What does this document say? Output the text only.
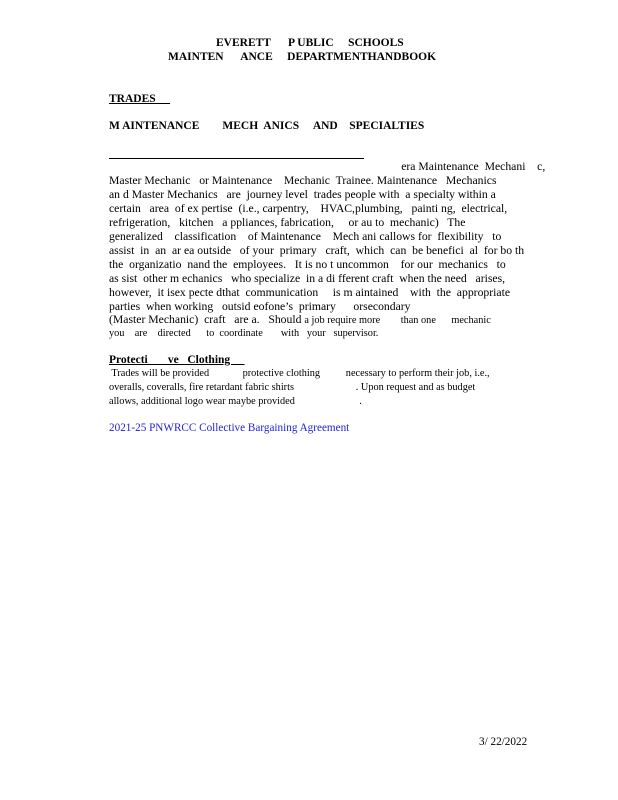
EVERETT      P UBLIC     SCHOOLS
MAINTEN      ANCE     DEPARTMENTHANDBOOK
TRADES
M AINTENANCE        MECH  ANICS     AND    SPECIALTIES
era Maintenance  Mechani    c,
Master Mechanic   or Maintenance    Mechanic  Trainee. Maintenance   Mechanics
an d Master Mechanics   are  journey level  trades people with  a specialty within a
certain   area  of ex pertise  (i.e., carpentry,    HVAC,plumbing,   painti ng,  electrical,
refrigeration,   kitchen   a ppliances, fabrication,     or au to  mechanic)   The
generalized    classification    of Maintenance    Mech ani callows for  flexibility   to
assist  in  an  ar ea outside   of your  primary   craft,  which  can  be benefici  al  for bo th
the  organizatio  nand the  employees.   It is no t uncommon    for our  mechanics   to
as sist  other m echanics   who specialize  in a di fferent craft  when the need   arises,
however,  it isex pecte dthat  communication     is m aintained    with  the  appropriate
parties  when working   outsid eofone’s  primary      orsecondary
(Master Mechanic)  craft   are a.   Should a job require more        than one      mechanic
you    are    directed      to  coordinate       with   your   supervisor.
Protecti       ve   Clothing
Trades will be provided             protective clothing          necessary to perform their job, i.e.,
overalls, coveralls, fire retardant fabric shirts                        . Upon request and as budget
allows, additional logo wear maybe provided                         .
2021-25 PNWRCC Collective Bargaining Agreement
3/ 22/2022
